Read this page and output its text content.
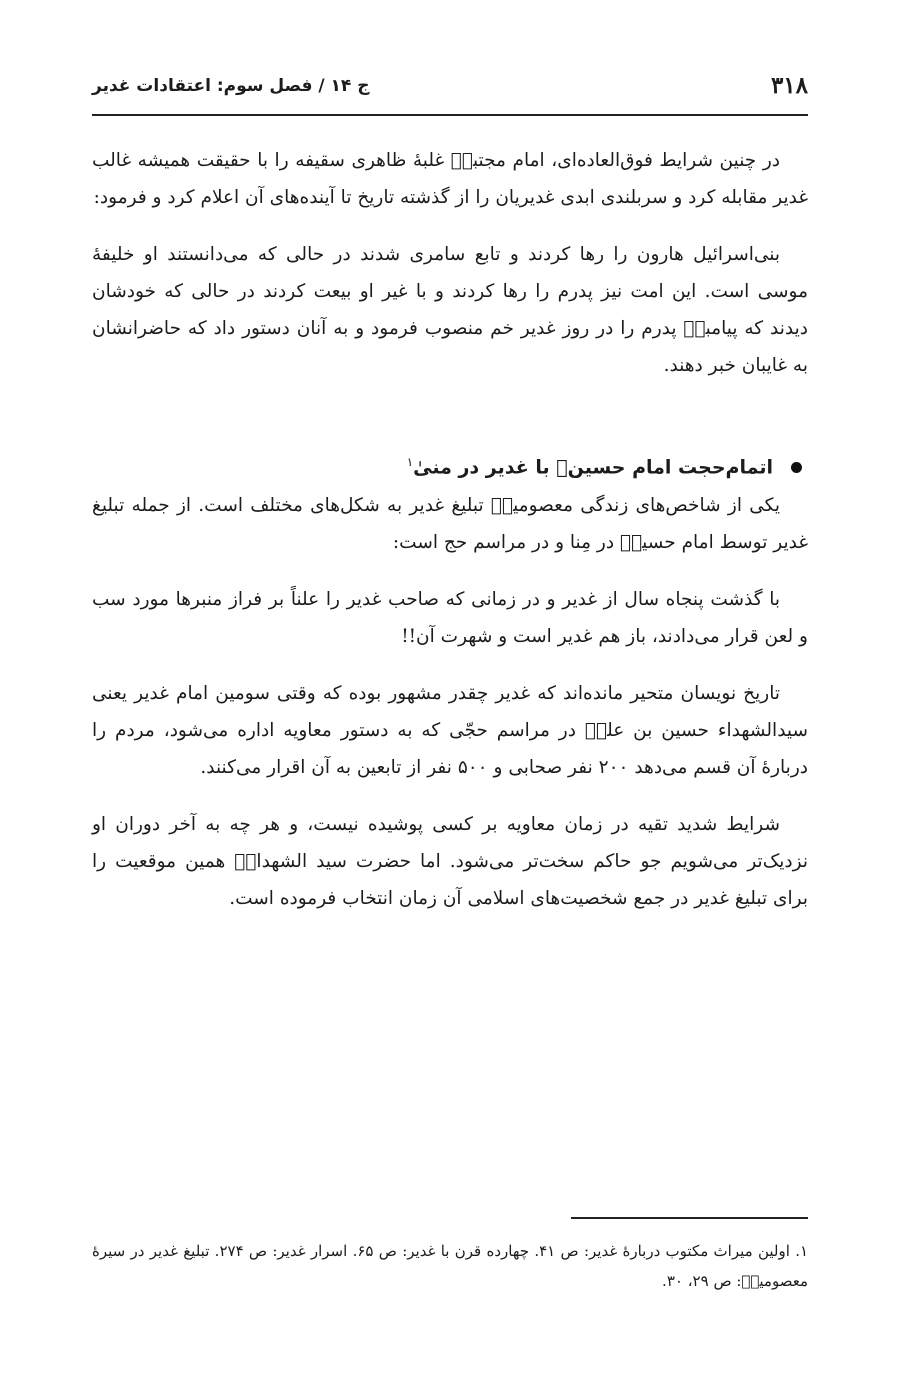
۳۱۸
ج ۱۴ / فصل سوم: اعتقادات غدیر

در چنین شرایط فوق‌العاده‌ای، امام مجتبیؐ غلبهٔ ظاهری سقیفه را با حقیقت همیشه غالب غدیر مقابله کرد و سربلندی ابدی غدیریان را از گذشته تاریخ تا آینده‌های آن اعلام کرد و فرمود:

بنی‌اسرائیل هارون را رها کردند و تابع سامری شدند در حالی که می‌دانستند او خلیفهٔ موسی است. این امت نیز پدرم را رها کردند و با غیر او بیعت کردند در حالی که خودشان دیدند که پیامبرؐ پدرم را در روز غدیر خم منصوب فرمود و به آنان دستور داد که حاضرانشان به غایبان خبر دهند.

اتمام‌حجت امام حسینؐ با غدیر در منیٰ$^۱$

یکی از شاخص‌های زندگی معصومینؐ تبلیغ غدیر به شکل‌های مختلف است. از جمله تبلیغ غدیر توسط امام حسینؐ در مِنا و در مراسم حج است:

با گذشت پنجاه سال از غدیر و در زمانی که صاحب غدیر را علناً بر فراز منبرها مورد سب و لعن قرار می‌دادند، باز هم غدیر است و شهرت آن!!

تاریخ نویسان متحیر مانده‌اند که غدیر چقدر مشهور بوده که وقتی سومین امام غدیر یعنی سیدالشهداء حسین بن علیؐ در مراسم حجّی که به دستور معاویه اداره می‌شود، مردم را دربارهٔ آن قسم می‌دهد ۲۰۰ نفر صحابی و ۵۰۰ نفر از تابعین به آن اقرار می‌کنند.

شرایط شدید تقیه در زمان معاویه بر کسی پوشیده نیست، و هر چه به آخر دوران او نزدیک‌تر می‌شویم جو حاکم سخت‌تر می‌شود. اما حضرت سید الشهداءؐ همین موقعیت را برای تبلیغ غدیر در جمع شخصیت‌های اسلامی آن زمان انتخاب فرموده است.

۱. اولین میراث مکتوب دربارهٔ غدیر: ص ۴۱. چهارده قرن با غدیر: ص ۶۵. اسرار غدیر: ص ۲۷۴. تبلیغ غدیر در سیرهٔ معصومینؐ: ص ۲۹، ۳۰.
